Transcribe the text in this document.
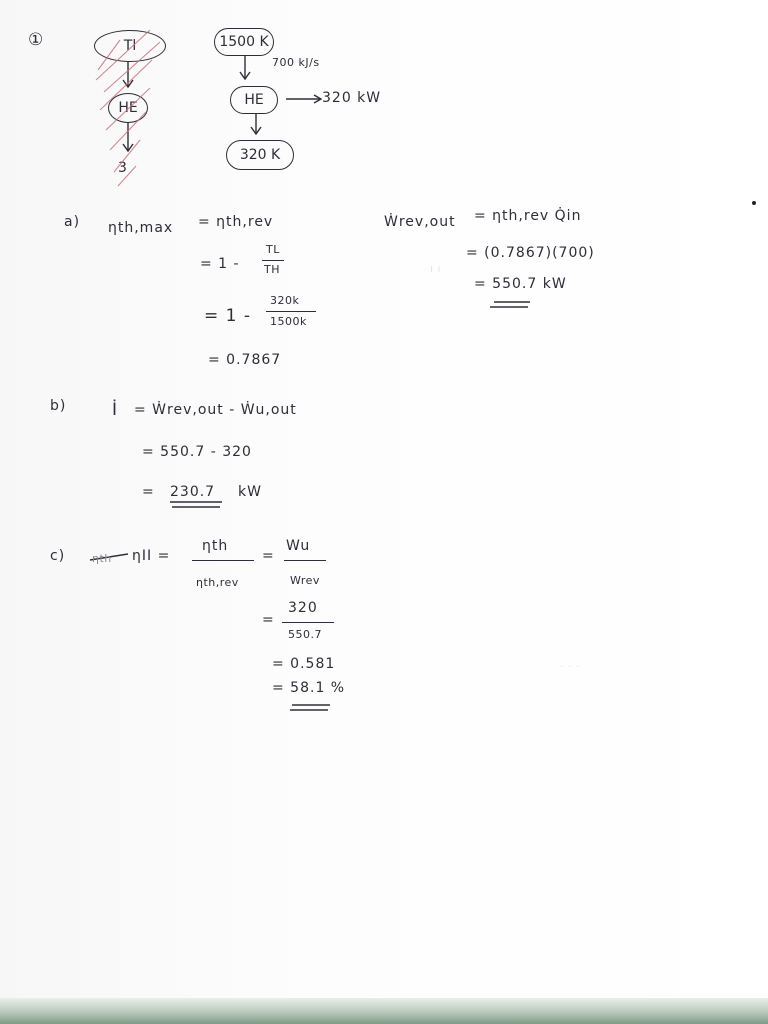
ı ı
· · ·
①	Tl
HE
3
1500 K
700 kJ/s
HE	320 kW
320 K
a) ηth,max = ηth,rev
= 1 -
TL
TH
= 1 -
320k
1500k
= 0.7867
Ẇrev,out = ηth,rev Q̇in
= (0.7867)(700)
= 550.7 kW
b)	İ = Ẇrev,out - Ẇu,out
= 550.7 - 320
= 230.7 kW
c) ηth ηII =
ηth
ηth,rev
=
Wu
Wrev
=
320
550.7
= 0.581
= 58.1 %
